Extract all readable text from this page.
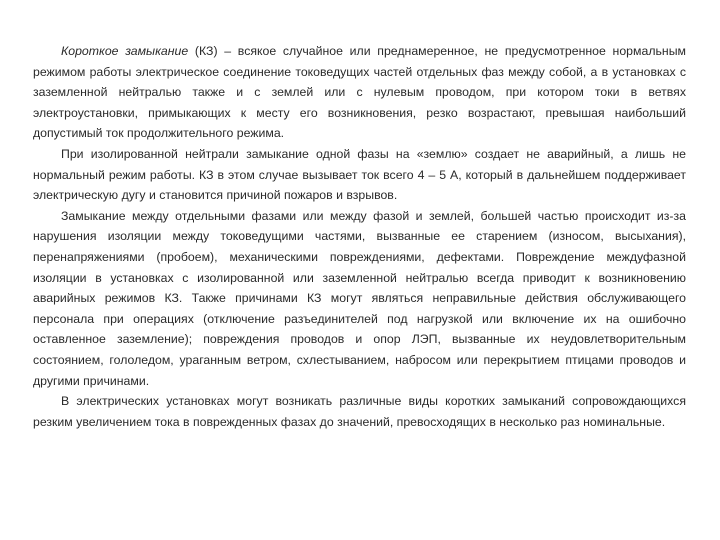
Короткое замыкание (КЗ) – всякое случайное или преднамеренное, не предусмотренное нормальным режимом работы электрическое соединение токоведущих частей отдельных фаз между собой, а в установках с заземленной нейтралью также и с землей или с нулевым проводом, при котором токи в ветвях электроустановки, примыкающих к месту его возникновения, резко возрастают, превышая наибольший допустимый ток продолжительного режима.

При изолированной нейтрали замыкание одной фазы на «землю» создает не аварийный, а лишь не нормальный режим работы. КЗ в этом случае вызывает ток всего 4 – 5 А, который в дальнейшем поддерживает электрическую дугу и становится причиной пожаров и взрывов.

Замыкание между отдельными фазами или между фазой и землей, большей частью происходит из-за нарушения изоляции между токоведущими частями, вызванные ее старением (износом, высыхания), перенапряжениями (пробоем), механическими повреждениями, дефектами. Повреждение междуфазной изоляции в установках с изолированной или заземленной нейтралью всегда приводит к возникновению аварийных режимов КЗ. Также причинами КЗ могут являться неправильные действия обслуживающего персонала при операциях (отключение разъединителей под нагрузкой или включение их на ошибочно оставленное заземление); повреждения проводов и опор ЛЭП, вызванные их неудовлетворительным состоянием, гололедом, ураганным ветром, схлестыванием, набросом или перекрытием птицами проводов и другими причинами.

В электрических установках могут возникать различные виды коротких замыканий сопровождающихся резким увеличением тока в поврежденных фазах до значений, превосходящих в несколько раз номинальные.
